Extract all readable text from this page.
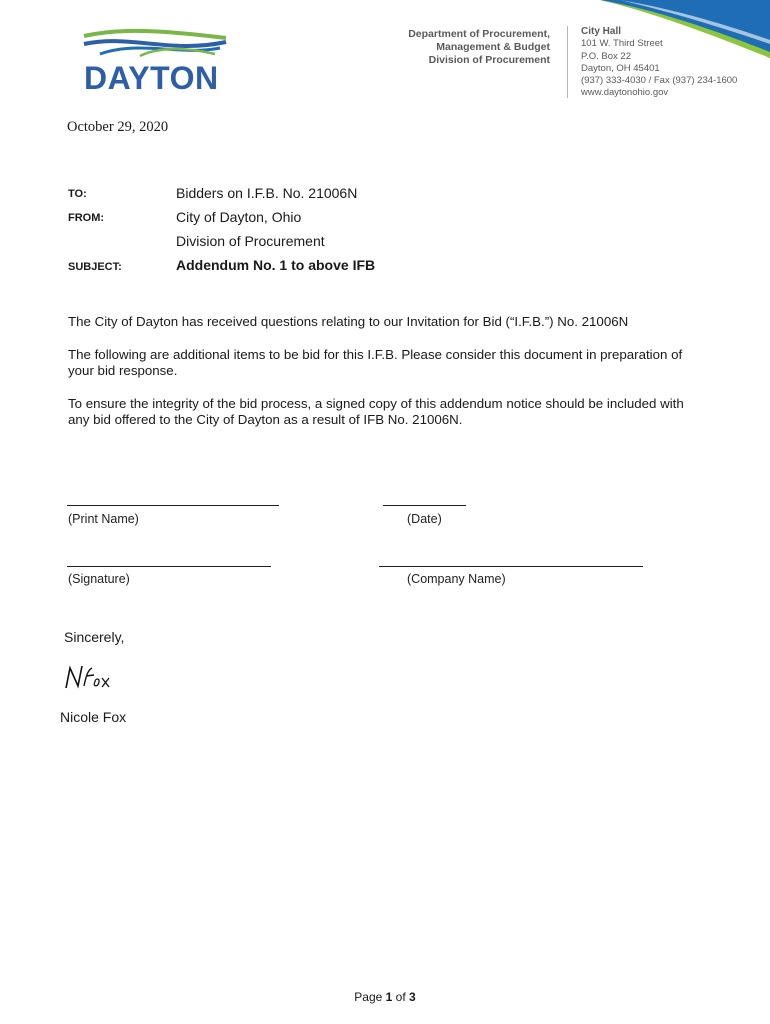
DAYTON
Department of Procurement,
Management & Budget
Division of Procurement
City Hall
101 W. Third Street
P.O. Box 22
Dayton, OH 45401
(937) 333-4030 / Fax (937) 234-1600
www.daytonohio.gov
October 29, 2020
TO:	Bidders on I.F.B. No. 21006N
FROM:	City of Dayton, Ohio
Division of Procurement
SUBJECT:	Addendum No. 1 to above IFB
The City of Dayton has received questions relating to our Invitation for Bid (“I.F.B.”) No. 21006N
The following are additional items to be bid for this I.F.B. Please consider this document in preparation of
your bid response.
To ensure the integrity of the bid process, a signed copy of this addendum notice should be included with
any bid offered to the City of Dayton as a result of IFB No. 21006N.
(Print Name)	(Date)
(Signature)	(Company Name)
Sincerely,
Nicole Fox
Page 1 of 3
